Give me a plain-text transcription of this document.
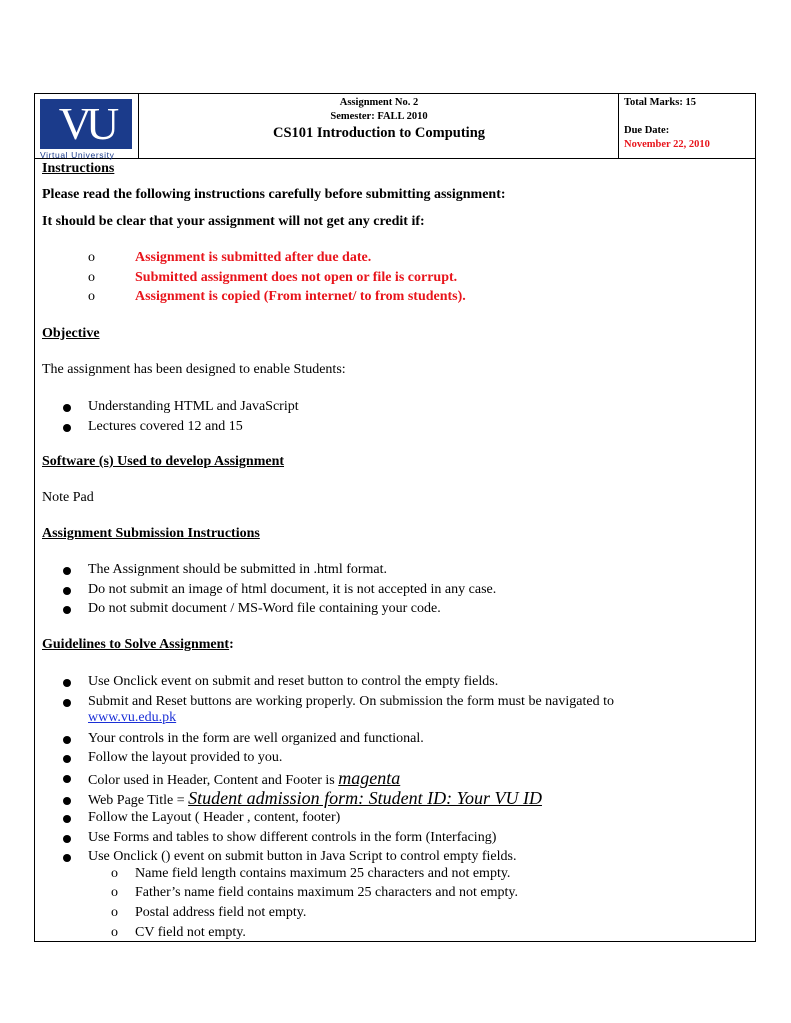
VU
Virtual University
Assignment No. 2
Semester: FALL 2010
CS101 Introduction to Computing
Total Marks: 15
Due Date:
November 22, 2010
Instructions
Please read the following instructions carefully before submitting assignment:
It should be clear that your assignment will not get any credit if:
o	Assignment is submitted after due date.
o	Submitted assignment does not open or file is corrupt.
o	Assignment is copied (From internet/ to from students).
Objective
The assignment has been designed to enable Students:
Understanding HTML and JavaScript
Lectures covered 12 and 15
Software (s) Used to develop Assignment
Note Pad
Assignment Submission Instructions
The Assignment should be submitted in .html format.
Do not submit an image of html document, it is not accepted in any case.
Do not submit document / MS-Word file containing your code.
Guidelines to Solve Assignment:
Use Onclick event on submit and reset button to control the empty fields.
Submit and Reset buttons are working properly. On submission the form must be navigated to
www.vu.edu.pk
Your controls in the form are well organized and functional.
Follow the layout provided to you.
Color used in Header, Content and Footer is magenta
Web Page Title = Student admission form: Student ID: Your VU ID
Follow the Layout ( Header , content, footer)
Use Forms and tables to show different controls in the form (Interfacing)
Use Onclick () event on submit button in Java Script to control empty fields.
o Name field length contains maximum 25 characters and not empty.
o Father’s name field contains maximum 25 characters and not empty.
o Postal address field not empty.
o CV field not empty.
